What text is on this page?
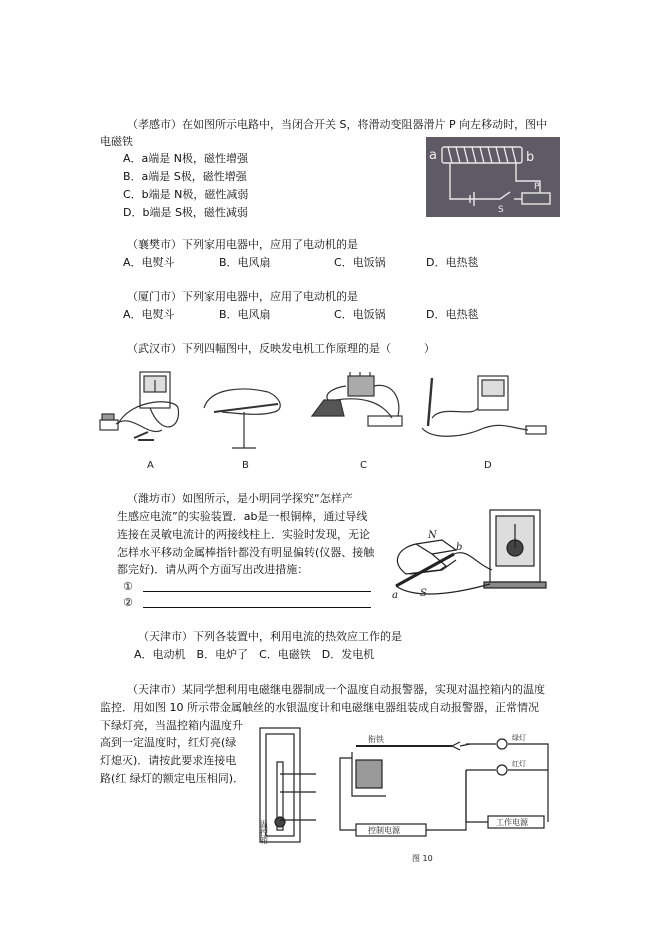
（孝感市）在如图所示电路中，当闭合开关 S，将滑动变阻器滑片 P 向左移动时，图中
电磁铁
A．a端是 N极，磁性增强
B．a端是 S极，磁性增强
C．b端是 N极，磁性减弱
D．b端是 S极，磁性减弱
a	b
P
S
（襄樊市）下列家用电器中，应用了电动机的是
A．电熨斗	B．电风扇	C．电饭锅	D．电热毯
（厦门市）下列家用电器中，应用了电动机的是
A．电熨斗	B．电风扇	C．电饭锅	D．电热毯
（武汉市）下列四幅图中，反映发电机工作原理的是（　　　）
A	B	C	D
（潍坊市）如图所示，是小明同学探究“怎样产
生感应电流”的实验装置．ab是一根铜棒，通过导线
连接在灵敏电流计的两接线柱上．实验时发现，无论
怎样水平移动金属棒指针都没有明显偏转(仪器、接触
都完好)．请从两个方面写出改进措施：
①
②
N
S
a
b
（天津市）下列各装置中，利用电流的热效应工作的是
A．电动机　B．电炉了　C．电磁铁　D．发电机
（天津市）某同学想利用电磁继电器制成一个温度自动报警器，实现对温控箱内的温度
监控．用如图 10 所示带金属触丝的水银温度计和电磁继电器组装成自动报警器，正常情况
下绿灯亮，当温控箱内温度升
高到一定温度时，红灯亮(绿
灯熄灭)．请按此要求连接电
路(红 绿灯的额定电压相同)．
温控箱
衔铁	绿灯
红灯
控制电源
工作电源
图 10
